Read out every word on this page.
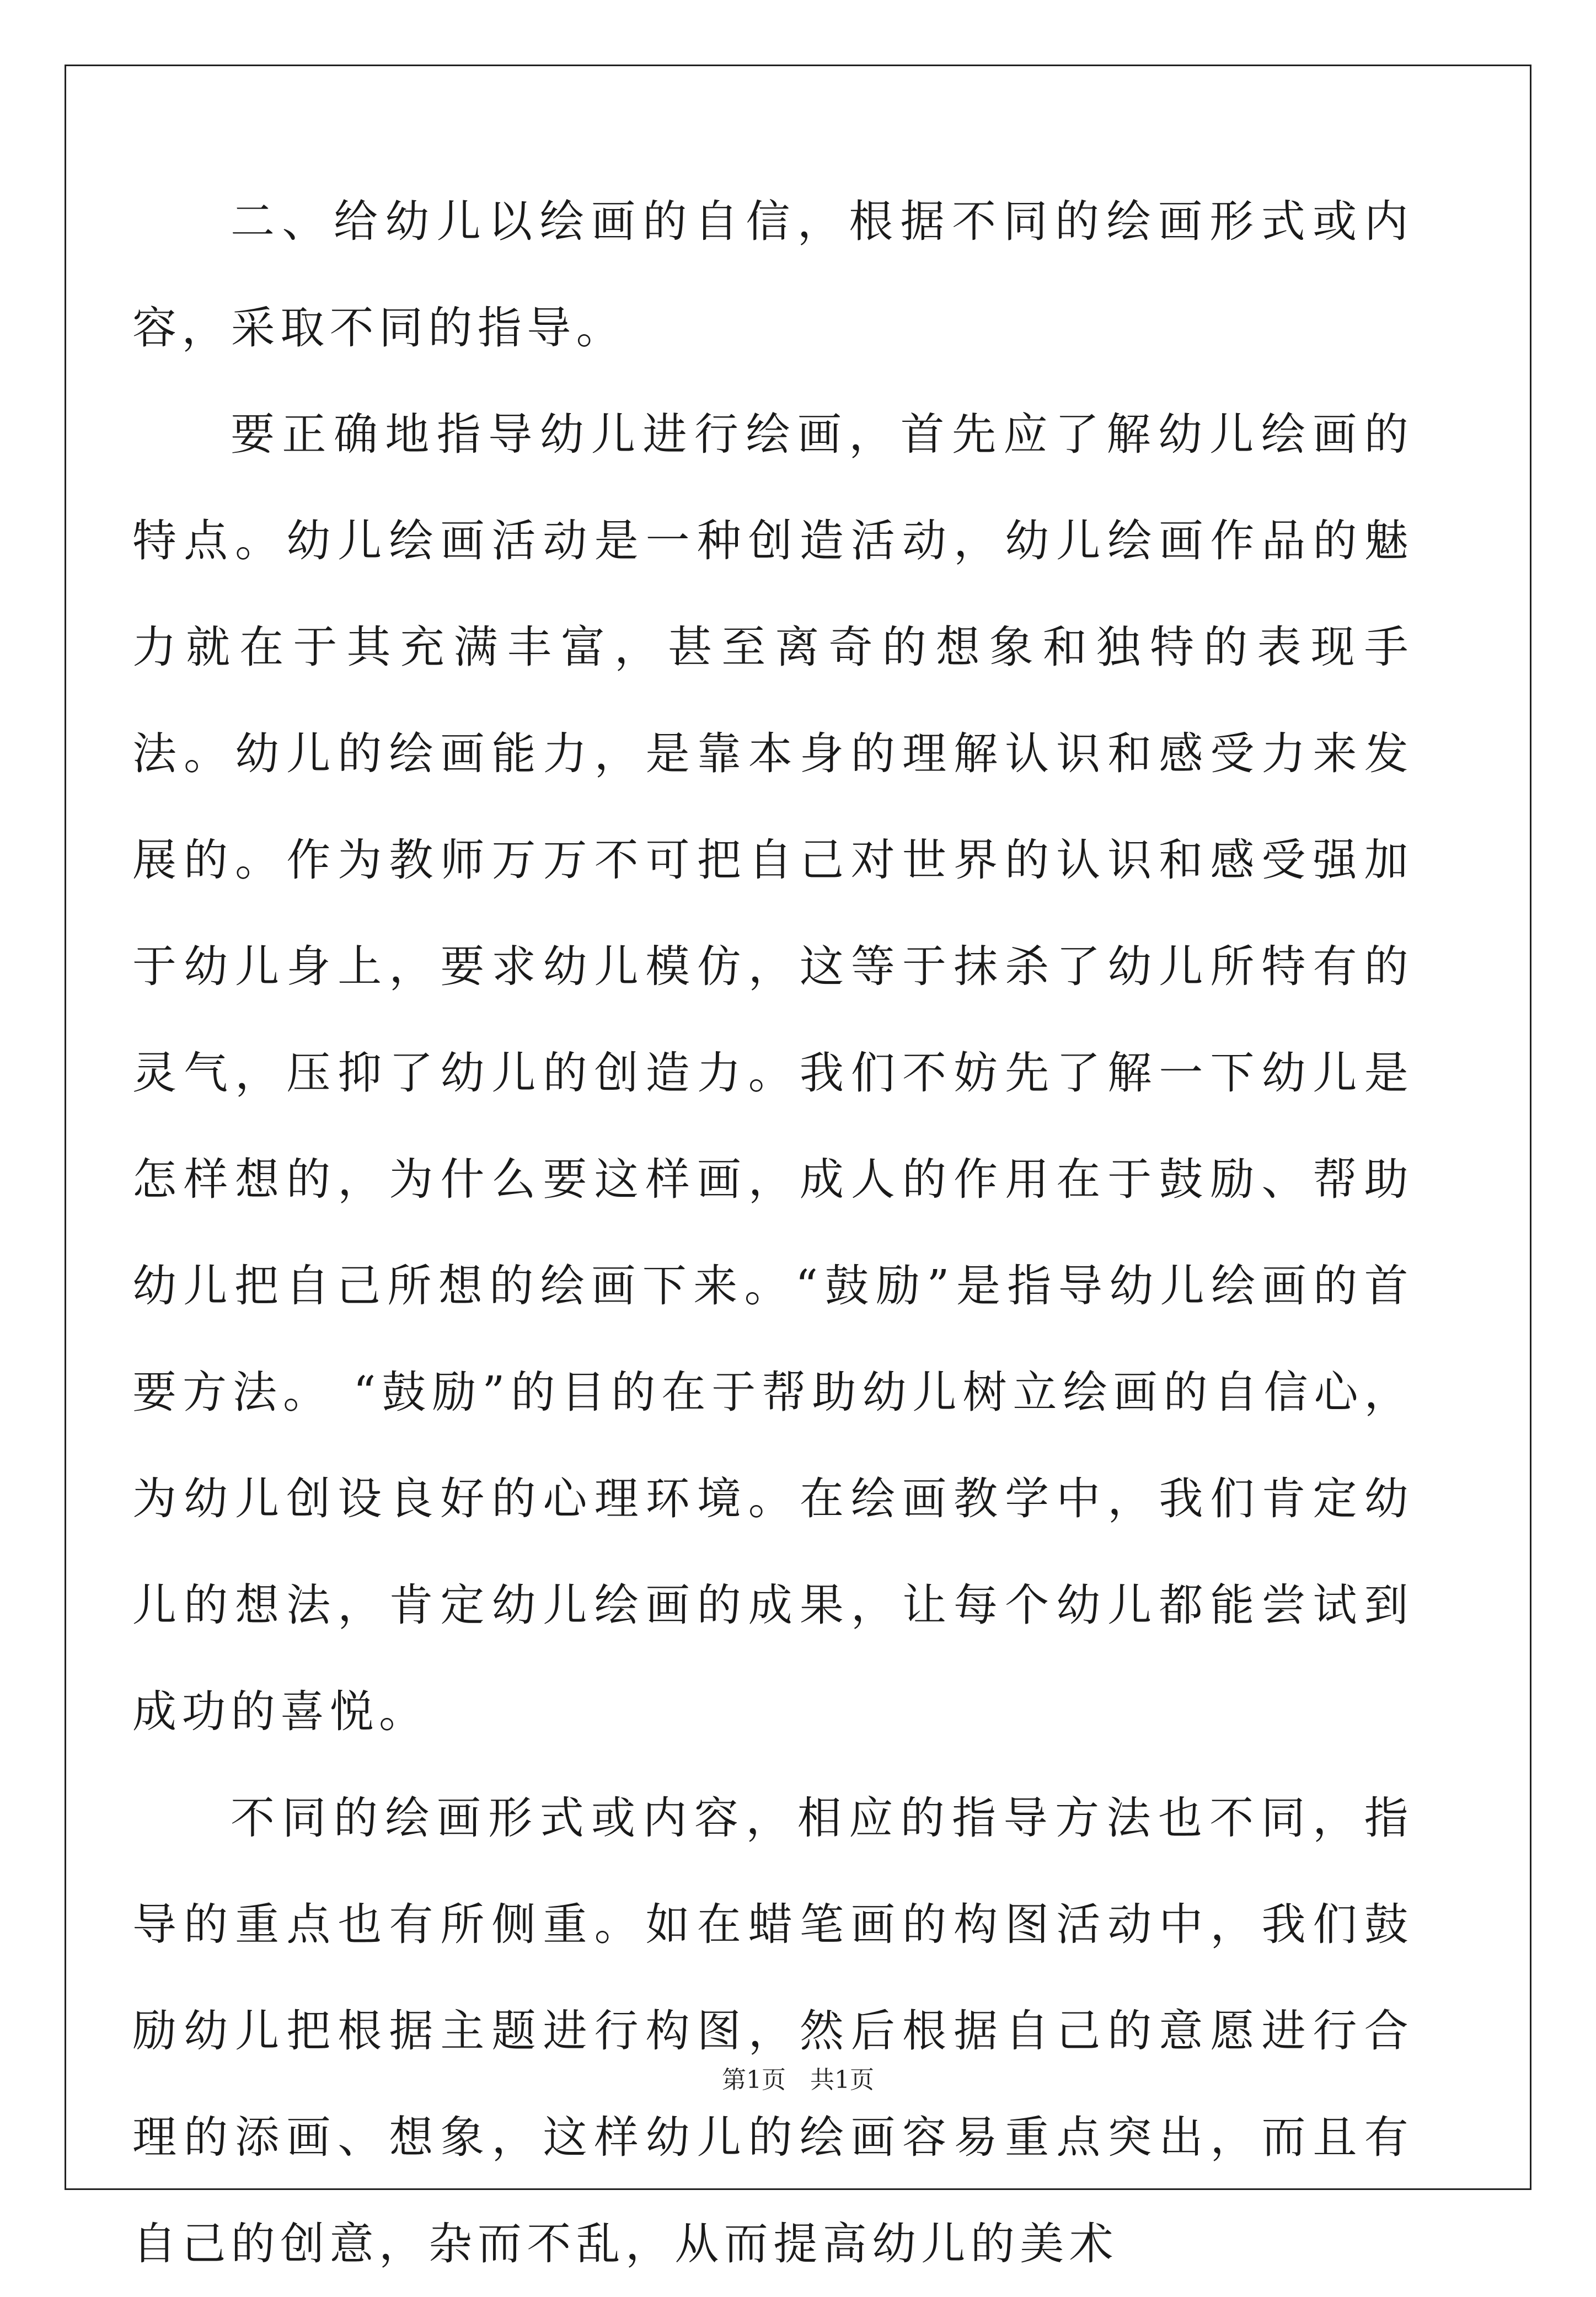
二、给幼儿以绘画的自信，根据不同的绘画形式或内容，采取不同的指导。

要正确地指导幼儿进行绘画，首先应了解幼儿绘画的特点。幼儿绘画活动是一种创造活动，幼儿绘画作品的魅力就在于其充满丰富，甚至离奇的想象和独特的表现手法。幼儿的绘画能力，是靠本身的理解认识和感受力来发展的。作为教师万万不可把自己对世界的认识和感受强加于幼儿身上，要求幼儿模仿，这等于抹杀了幼儿所特有的灵气，压抑了幼儿的创造力。我们不妨先了解一下幼儿是怎样想的，为什么要这样画，成人的作用在于鼓励、帮助幼儿把自己所想的绘画下来。“鼓励”是指导幼儿绘画的首要方法。 “鼓励”的目的在于帮助幼儿树立绘画的自信心，为幼儿创设良好的心理环境。在绘画教学中，我们肯定幼儿的想法，肯定幼儿绘画的成果，让每个幼儿都能尝试到成功的喜悦。

不同的绘画形式或内容，相应的指导方法也不同，指导的重点也有所侧重。如在蜡笔画的构图活动中，我们鼓励幼儿把根据主题进行构图，然后根据自己的意愿进行合理的添画、想象，这样幼儿的绘画容易重点突出，而且有自己的创意，杂而不乱，从而提高幼儿的美术

第1页　共1页
